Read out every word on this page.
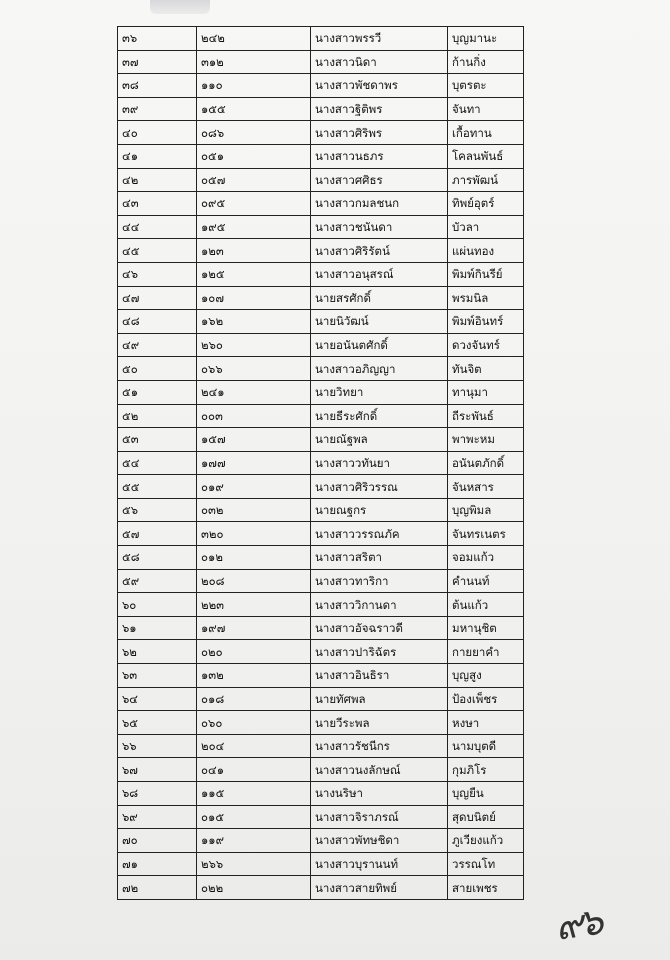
๓๖	๒๔๒	นางสาวพรรวี	บุญมานะ
๓๗	๓๑๒	นางสาวนิดา	ก้านกิ่ง
๓๘	๑๑๐	นางสาวพัชดาพร	บุตรตะ
๓๙	๑๕๕	นางสาวฐิติพร	จันทา
๔๐	๐๘๖	นางสาวศิริพร	เกื้อทาน
๔๑	๐๕๑	นางสาวนธภร	โคลนพันธ์
๔๒	๐๕๗	นางสาวศศิธร	ภารพัฒน์
๔๓	๐๙๕	นางสาวกมลชนก	ทิพย์อุตร์
๔๔	๑๙๕	นางสาวชนันดา	บัวลา
๔๕	๑๒๓	นางสาวศิริรัตน์	แผ่นทอง
๔๖	๑๒๕	นางสาวอนุสรณ์	พิมพ์กินรีย์
๔๗	๑๐๗	นายสรศักดิ์	พรมนิล
๔๘	๑๖๒	นายนิวัฒน์	พิมพ์อินทร์
๔๙	๒๖๐	นายอนันตศักดิ์	ดวงจันทร์
๕๐	๐๖๖	นางสาวอภิญญา	ทันจิต
๕๑	๒๔๑	นายวิทยา	ทานุมา
๕๒	๐๐๓	นายธีระศักดิ์	ถีระพันธ์
๕๓	๑๕๗	นายณัฐพล	พาพะหม
๕๔	๑๗๗	นางสาววทันยา	อนันตภักดิ์
๕๕	๐๑๙	นางสาวศิริวรรณ	จันหสาร
๕๖	๐๓๒	นายณฐกร	บุญพิมล
๕๗	๓๒๐	นางสาววรรณภัค	จันทรเนตร
๕๘	๐๑๒	นางสาวสริตา	จอมแก้ว
๕๙	๒๐๘	นางสาวทาริกา	คำนนท์
๖๐	๒๒๓	นางสาววิกานดา	ต้นแก้ว
๖๑	๑๙๗	นางสาวอัจฉราวดี	มหานุชิต
๖๒	๐๒๐	นางสาวปาริฉัตร	กายยาคำ
๖๓	๑๓๒	นางสาวอินธิรา	บุญสูง
๖๔	๐๑๘	นายทัศพล	ป้องเพ็ชร
๖๕	๐๖๐	นายวีระพล	หงษา
๖๖	๒๐๔	นางสาวรัชนีกร	นามบุตดี
๖๗	๐๔๑	นางสาวนงลักษณ์	กุมภิโร
๖๘	๑๑๕	นางนริษา	บุญยืน
๖๙	๐๑๕	นางสาวจิราภรณ์	สุดบนิตย์
๗๐	๑๑๙	นางสาวพัทษชิดา	ภูเวียงแก้ว
๗๑	๒๖๖	นางสาวบุรานนท์	วรรณโท
๗๒	๐๒๒	นางสาวสายทิพย์	สายเพชร
๙๖
